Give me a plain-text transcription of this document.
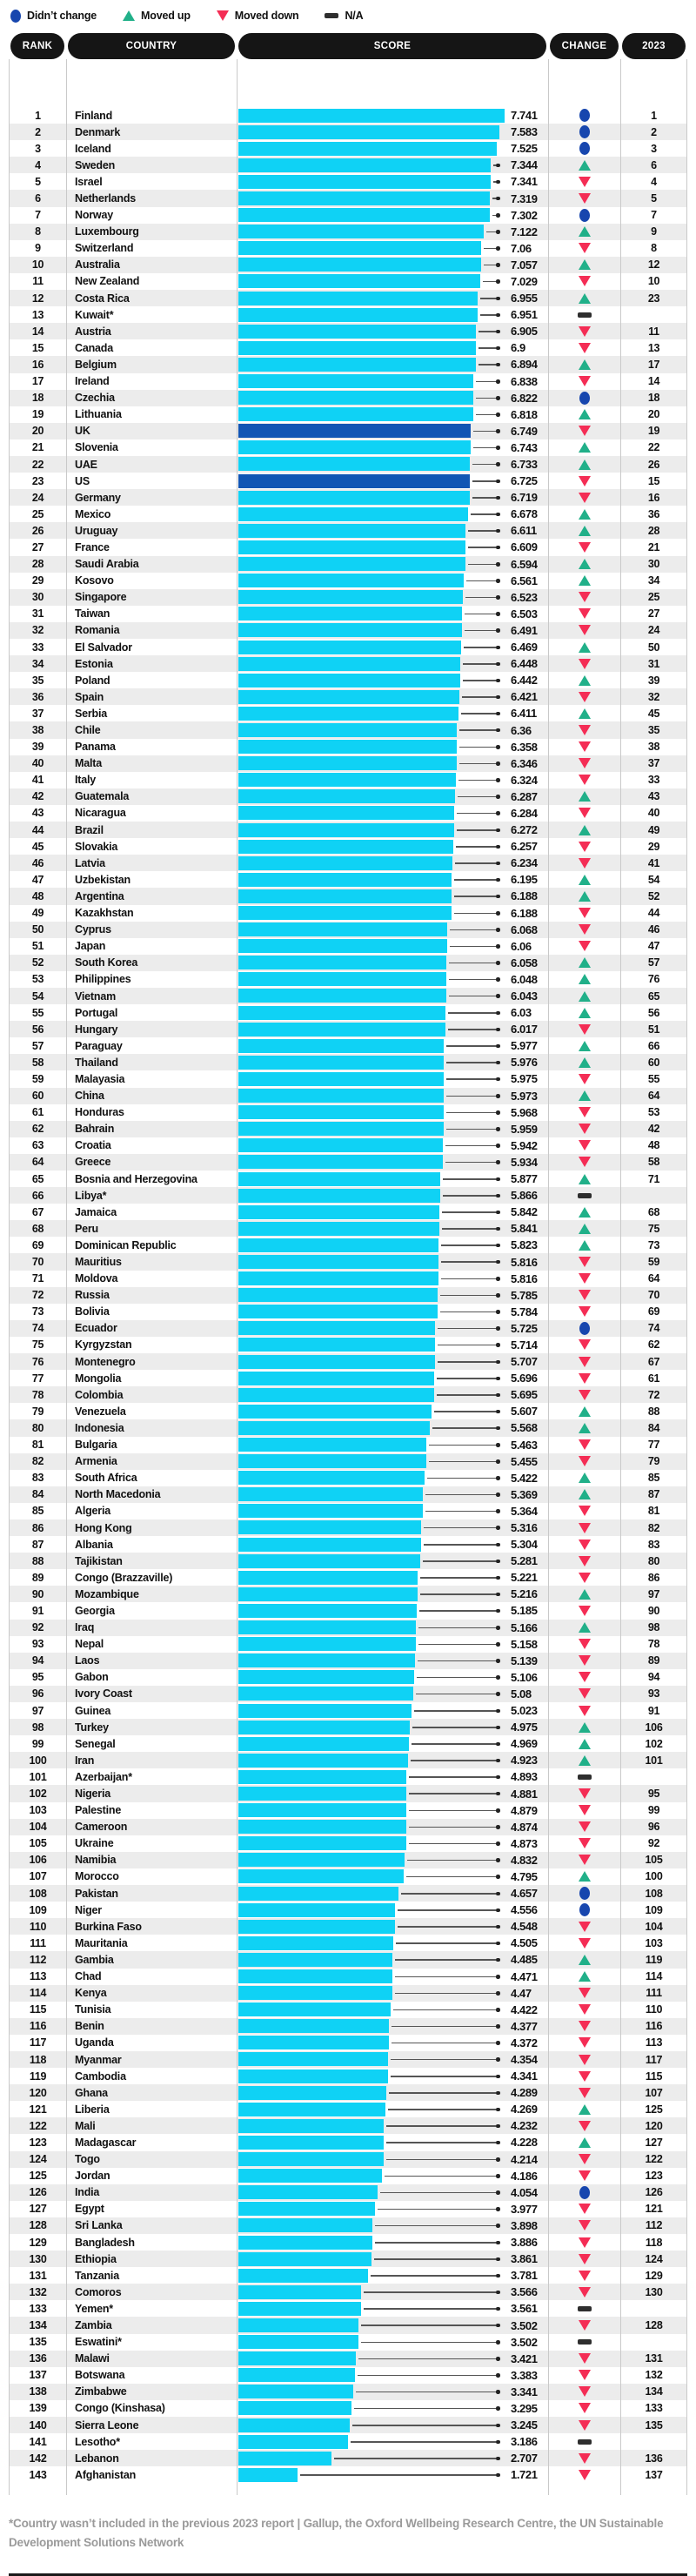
Didn’t change	Moved up	Moved down	N/A
RANK	COUNTRY	SCORE	CHANGE	2023
1	Finland	7.741	1
2	Denmark	7.583	2
3	Iceland	7.525	3
4	Sweden	7.344	6
5	Israel	7.341	4
6	Netherlands	7.319	5
7	Norway	7.302	7
8	Luxembourg	7.122	9
9	Switzerland	7.06	8
10	Australia	7.057	12
11	New Zealand	7.029	10
12	Costa Rica	6.955	23
13	Kuwait*	6.951
14	Austria	6.905	11
15	Canada	6.9	13
16	Belgium	6.894	17
17	Ireland	6.838	14
18	Czechia	6.822	18
19	Lithuania	6.818	20
20	UK	6.749	19
21	Slovenia	6.743	22
22	UAE	6.733	26
23	US	6.725	15
24	Germany	6.719	16
25	Mexico	6.678	36
26	Uruguay	6.611	28
27	France	6.609	21
28	Saudi Arabia	6.594	30
29	Kosovo	6.561	34
30	Singapore	6.523	25
31	Taiwan	6.503	27
32	Romania	6.491	24
33	El Salvador	6.469	50
34	Estonia	6.448	31
35	Poland	6.442	39
36	Spain	6.421	32
37	Serbia	6.411	45
38	Chile	6.36	35
39	Panama	6.358	38
40	Malta	6.346	37
41	Italy	6.324	33
42	Guatemala	6.287	43
43	Nicaragua	6.284	40
44	Brazil	6.272	49
45	Slovakia	6.257	29
46	Latvia	6.234	41
47	Uzbekistan	6.195	54
48	Argentina	6.188	52
49	Kazakhstan	6.188	44
50	Cyprus	6.068	46
51	Japan	6.06	47
52	South Korea	6.058	57
53	Philippines	6.048	76
54	Vietnam	6.043	65
55	Portugal	6.03	56
56	Hungary	6.017	51
57	Paraguay	5.977	66
58	Thailand	5.976	60
59	Malayasia	5.975	55
60	China	5.973	64
61	Honduras	5.968	53
62	Bahrain	5.959	42
63	Croatia	5.942	48
64	Greece	5.934	58
65	Bosnia and Herzegovina	5.877	71
66	Libya*	5.866
67	Jamaica	5.842	68
68	Peru	5.841	75
69	Dominican Republic	5.823	73
70	Mauritius	5.816	59
71	Moldova	5.816	64
72	Russia	5.785	70
73	Bolivia	5.784	69
74	Ecuador	5.725	74
75	Kyrgyzstan	5.714	62
76	Montenegro	5.707	67
77	Mongolia	5.696	61
78	Colombia	5.695	72
79	Venezuela	5.607	88
80	Indonesia	5.568	84
81	Bulgaria	5.463	77
82	Armenia	5.455	79
83	South Africa	5.422	85
84	North Macedonia	5.369	87
85	Algeria	5.364	81
86	Hong Kong	5.316	82
87	Albania	5.304	83
88	Tajikistan	5.281	80
89	Congo (Brazzaville)	5.221	86
90	Mozambique	5.216	97
91	Georgia	5.185	90
92	Iraq	5.166	98
93	Nepal	5.158	78
94	Laos	5.139	89
95	Gabon	5.106	94
96	Ivory Coast	5.08	93
97	Guinea	5.023	91
98	Turkey	4.975	106
99	Senegal	4.969	102
100	Iran	4.923	101
101	Azerbaijan*	4.893
102	Nigeria	4.881	95
103	Palestine	4.879	99
104	Cameroon	4.874	96
105	Ukraine	4.873	92
106	Namibia	4.832	105
107	Morocco	4.795	100
108	Pakistan	4.657	108
109	Niger	4.556	109
110	Burkina Faso	4.548	104
111	Mauritania	4.505	103
112	Gambia	4.485	119
113	Chad	4.471	114
114	Kenya	4.47	111
115	Tunisia	4.422	110
116	Benin	4.377	116
117	Uganda	4.372	113
118	Myanmar	4.354	117
119	Cambodia	4.341	115
120	Ghana	4.289	107
121	Liberia	4.269	125
122	Mali	4.232	120
123	Madagascar	4.228	127
124	Togo	4.214	122
125	Jordan	4.186	123
126	India	4.054	126
127	Egypt	3.977	121
128	Sri Lanka	3.898	112
129	Bangladesh	3.886	118
130	Ethiopia	3.861	124
131	Tanzania	3.781	129
132	Comoros	3.566	130
133	Yemen*	3.561
134	Zambia	3.502	128
135	Eswatini*	3.502
136	Malawi	3.421	131
137	Botswana	3.383	132
138	Zimbabwe	3.341	134
139	Congo (Kinshasa)	3.295	133
140	Sierra Leone	3.245	135
141	Lesotho*	3.186
142	Lebanon	2.707	136
143	Afghanistan	1.721	137

*Country wasn’t included in the previous 2023 report | Gallup, the Oxford Wellbeing Research Centre, the UN Sustainable Development Solutions Network
